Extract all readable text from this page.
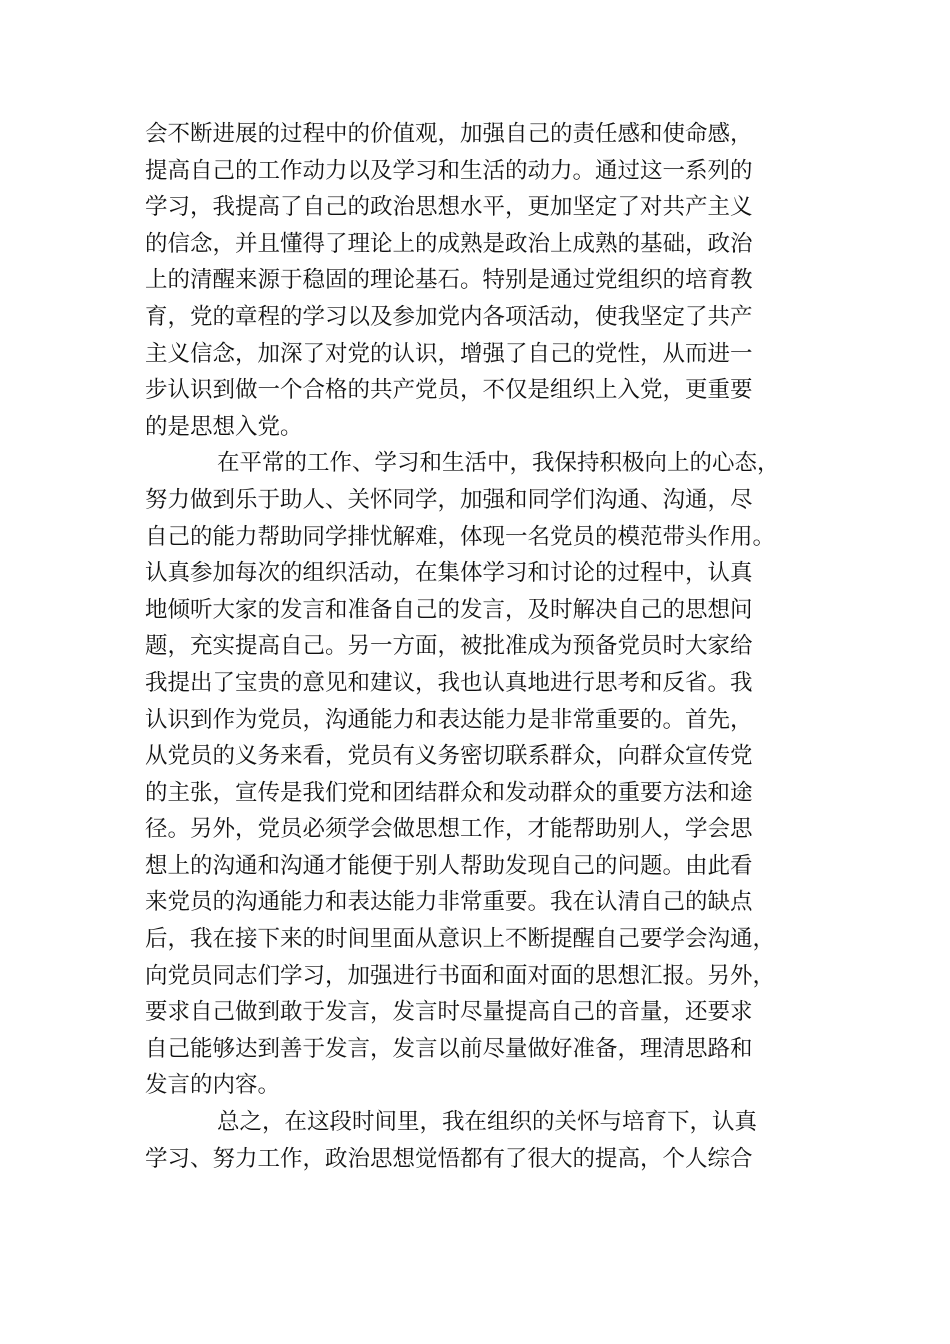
会不断进展的过程中的价值观，加强自己的责任感和使命感，
提高自己的工作动力以及学习和生活的动力。通过这一系列的
学习，我提高了自己的政治思想水平，更加坚定了对共产主义
的信念，并且懂得了理论上的成熟是政治上成熟的基础，政治
上的清醒来源于稳固的理论基石。特别是通过党组织的培育教
育，党的章程的学习以及参加党内各项活动，使我坚定了共产
主义信念，加深了对党的认识，增强了自己的党性，从而进一
步认识到做一个合格的共产党员，不仅是组织上入党，更重要
的是思想入党。
在平常的工作、学习和生活中，我保持积极向上的心态，
努力做到乐于助人、关怀同学，加强和同学们沟通、沟通，尽
自己的能力帮助同学排忧解难，体现一名党员的模范带头作用。
认真参加每次的组织活动，在集体学习和讨论的过程中，认真
地倾听大家的发言和准备自己的发言，及时解决自己的思想问
题，充实提高自己。另一方面，被批准成为预备党员时大家给
我提出了宝贵的意见和建议，我也认真地进行思考和反省。我
认识到作为党员，沟通能力和表达能力是非常重要的。首先，
从党员的义务来看，党员有义务密切联系群众，向群众宣传党
的主张，宣传是我们党和团结群众和发动群众的重要方法和途
径。另外，党员必须学会做思想工作，才能帮助别人，学会思
想上的沟通和沟通才能便于别人帮助发现自己的问题。由此看
来党员的沟通能力和表达能力非常重要。我在认清自己的缺点
后，我在接下来的时间里面从意识上不断提醒自己要学会沟通，
向党员同志们学习，加强进行书面和面对面的思想汇报。另外，
要求自己做到敢于发言，发言时尽量提高自己的音量，还要求
自己能够达到善于发言，发言以前尽量做好准备，理清思路和
发言的内容。
总之，在这段时间里，我在组织的关怀与培育下，认真
学习、努力工作，政治思想觉悟都有了很大的提高，个人综合
